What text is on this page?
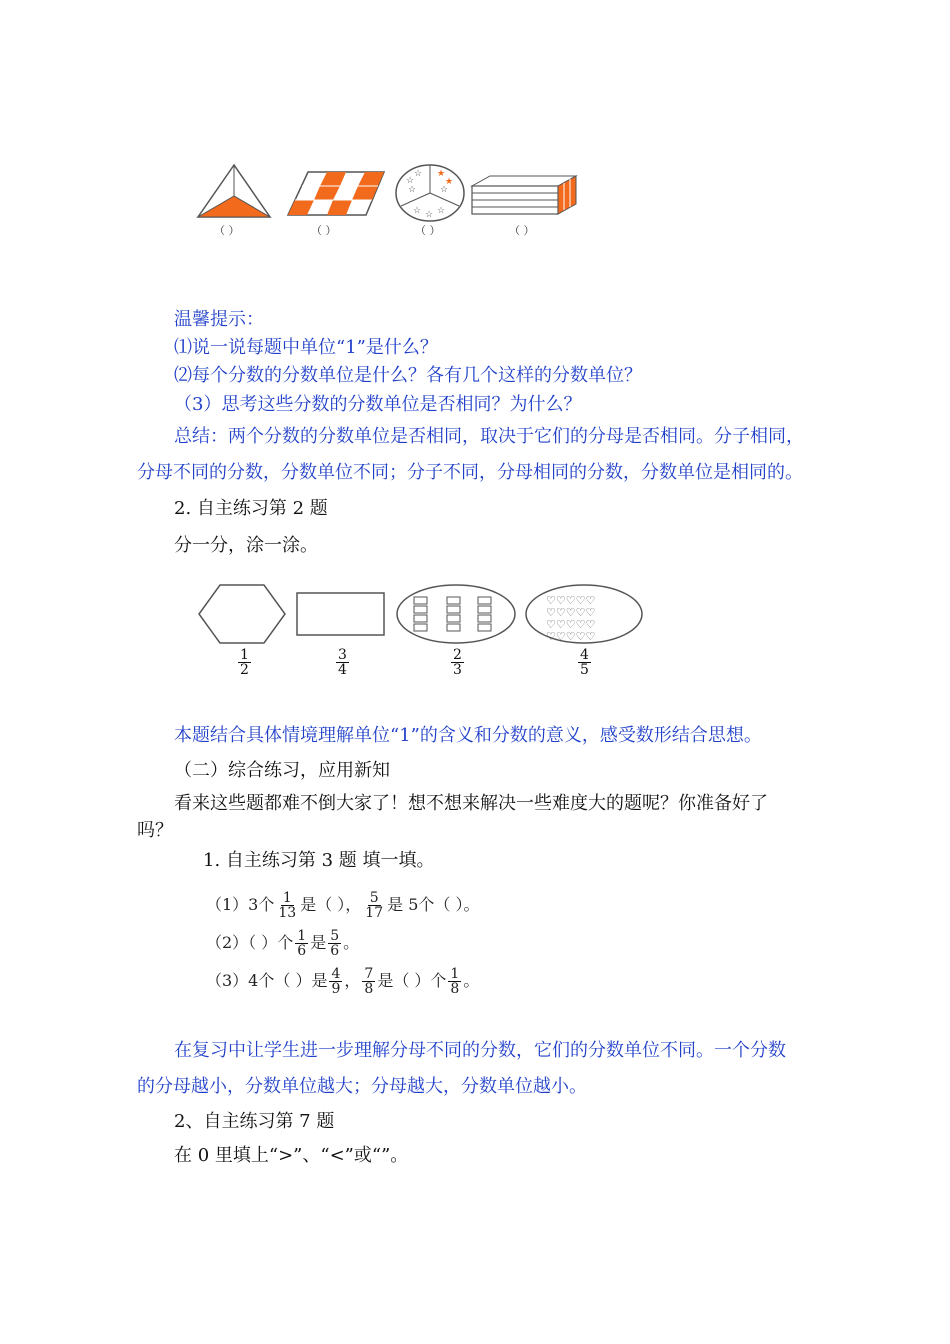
☆
☆
☆
★
★
☆
☆ ☆ ☆
（ ）	（ ）	（ ）	（ ）
温馨提示：
⑴说一说每题中单位“1”是什么？
⑵每个分数的分数单位是什么？各有几个这样的分数单位？
（3）思考这些分数的分数单位是否相同？为什么？
总结：两个分数的分数单位是否相同，取决于它们的分母是否相同。分子相同，
分母不同的分数，分数单位不同；分子不同，分母相同的分数，分数单位是相同的。
2. 自主练习第 2 题
分一分，涂一涂。
♡♡♡♡♡
♡♡♡♡♡
♡♡♡♡♡
♡♡♡♡♡
$\frac{1}{2}$	$\frac{3}{4}$	$\frac{2}{3}$	$\frac{4}{5}$
本题结合具体情境理解单位“1”的含义和分数的意义，感受数形结合思想。
（二）综合练习，应用新知
看来这些题都难不倒大家了！想不想来解决一些难度大的题呢？你准备好了
吗？
1. 自主练习第 3 题 填一填。
（1）3个 $\frac{1}{13}$ 是（ ）， $\frac{5}{17}$ 是 5个（ ）。
（2）（ ）个 $\frac{1}{6}$ 是 $\frac{5}{6}$ 。
（3）4个（ ）是 $\frac{4}{9}$ ， $\frac{7}{8}$ 是（ ）个 $\frac{1}{8}$ 。
在复习中让学生进一步理解分母不同的分数，它们的分数单位不同。一个分数
的分母越小，分数单位越大；分母越大，分数单位越小。
2、自主练习第 7 题
在 0 里填上“>”、“<”或“”。
